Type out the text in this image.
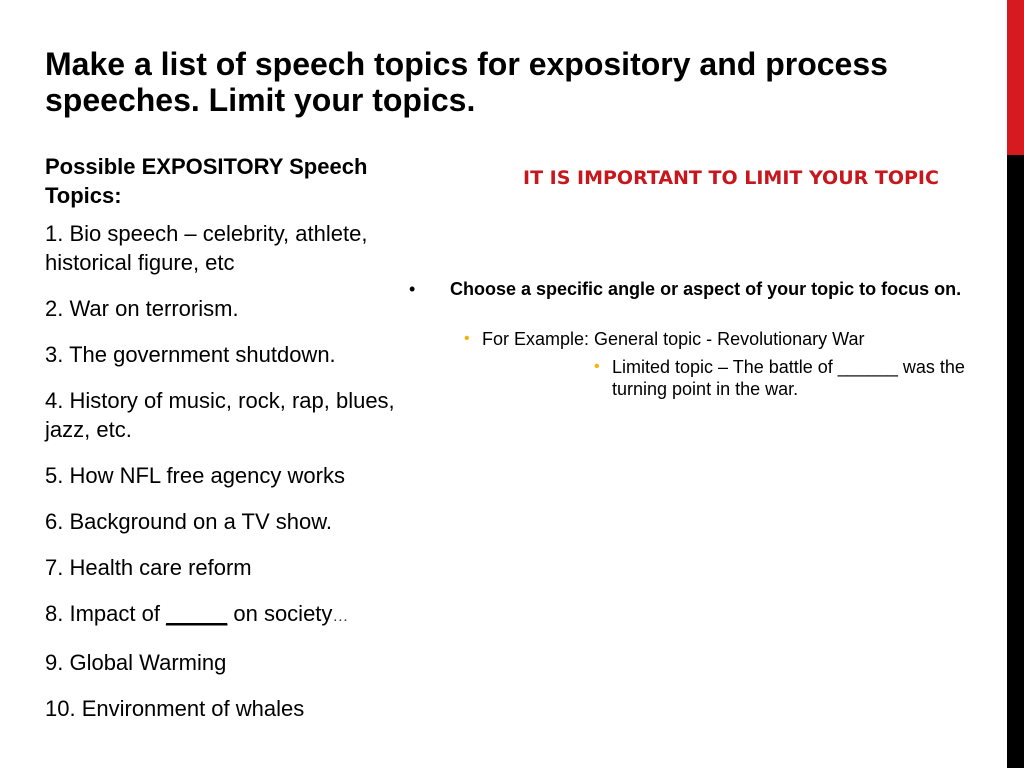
Make a list of speech topics for expository and process speeches. Limit your topics.
Possible EXPOSITORY Speech Topics:
1. Bio speech – celebrity, athlete, historical figure, etc
2. War on terrorism.
3. The government shutdown.
4. History of music, rock, rap, blues, jazz, etc.
5. How NFL free agency works
6. Background on a TV show.
7. Health care reform
8. Impact of _____ on society…
9. Global Warming
10. Environment of whales
IT IS IMPORTANT TO LIMIT YOUR TOPIC
•	Choose a specific angle or aspect of your topic to focus on.
• For Example: General topic - Revolutionary War
• Limited topic – The battle of ______ was the turning point in the war.
